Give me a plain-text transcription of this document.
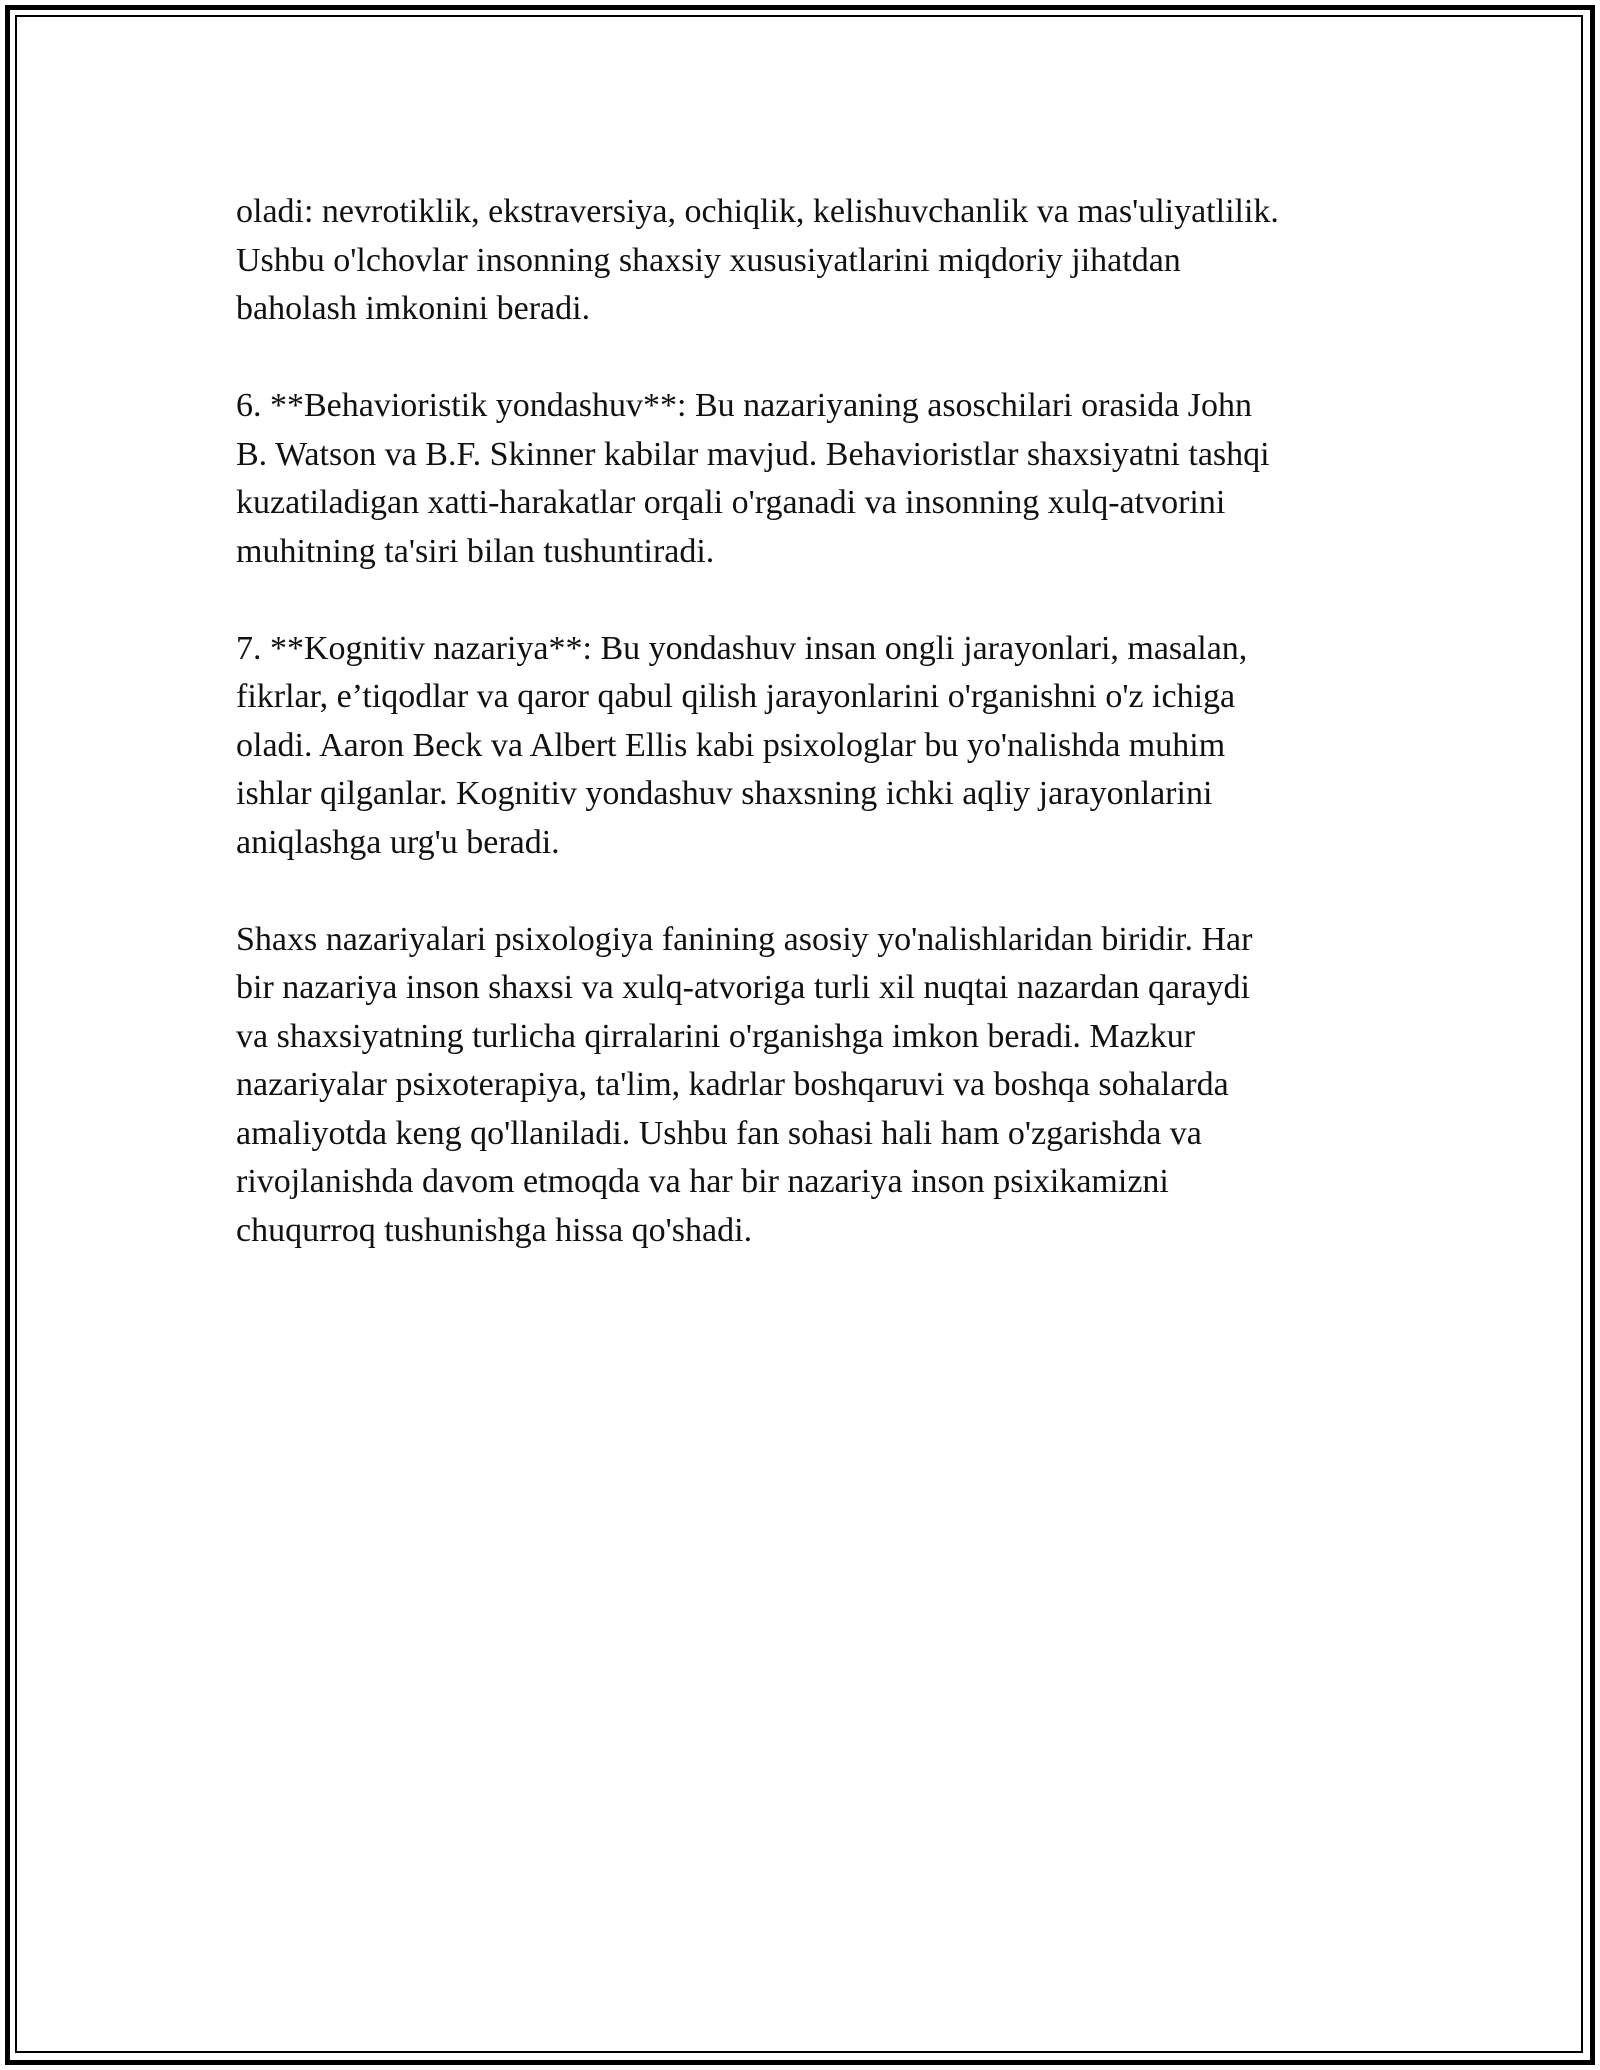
oladi: nevrotiklik, ekstraversiya, ochiqlik, kelishuvchanlik va mas'uliyatlilik.
Ushbu o'lchovlar insonning shaxsiy xususiyatlarini miqdoriy jihatdan
baholash imkonini beradi.

6. **Behavioristik yondashuv**: Bu nazariyaning asoschilari orasida John
B. Watson va B.F. Skinner kabilar mavjud. Behavioristlar shaxsiyatni tashqi
kuzatiladigan xatti-harakatlar orqali o'rganadi va insonning xulq-atvorini
muhitning ta'siri bilan tushuntiradi.

7. **Kognitiv nazariya**: Bu yondashuv insan ongli jarayonlari, masalan,
fikrlar, e’tiqodlar va qaror qabul qilish jarayonlarini o'rganishni o'z ichiga
oladi. Aaron Beck va Albert Ellis kabi psixologlar bu yo'nalishda muhim
ishlar qilganlar. Kognitiv yondashuv shaxsning ichki aqliy jarayonlarini
aniqlashga urg'u beradi.

Shaxs nazariyalari psixologiya fanining asosiy yo'nalishlaridan biridir. Har
bir nazariya inson shaxsi va xulq-atvoriga turli xil nuqtai nazardan qaraydi
va shaxsiyatning turlicha qirralarini o'rganishga imkon beradi. Mazkur
nazariyalar psixoterapiya, ta'lim, kadrlar boshqaruvi va boshqa sohalarda
amaliyotda keng qo'llaniladi. Ushbu fan sohasi hali ham o'zgarishda va
rivojlanishda davom etmoqda va har bir nazariya inson psixikamizni
chuqurroq tushunishga hissa qo'shadi.
